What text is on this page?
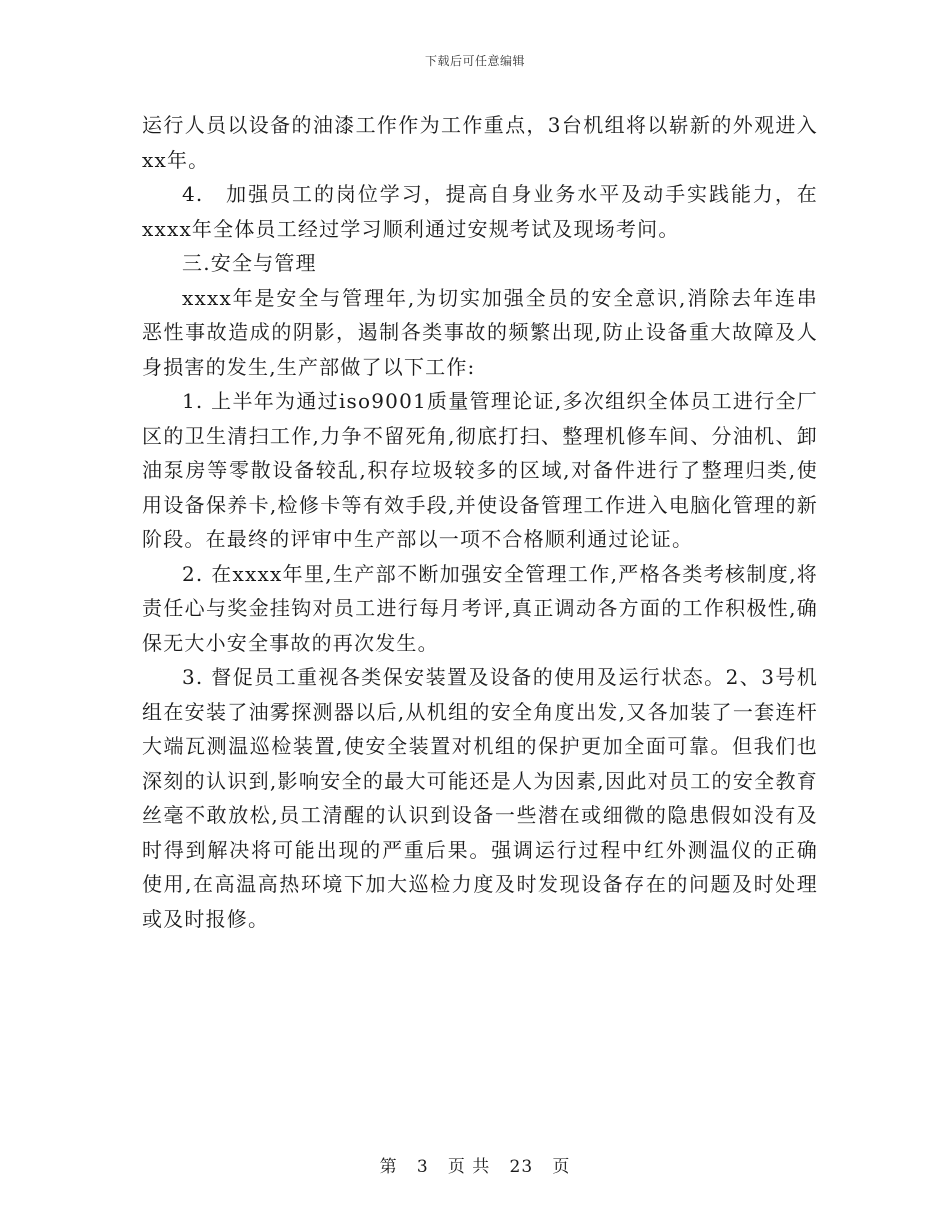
下载后可任意编辑

运行人员以设备的油漆工作作为工作重点，3台机组将以崭新的外观进入xx年。

4.　加强员工的岗位学习，提高自身业务水平及动手实践能力，在xxxx年全体员工经过学习顺利通过安规考试及现场考问。

三.安全与管理

xxxx年是安全与管理年,为切实加强全员的安全意识,消除去年连串恶性事故造成的阴影，遏制各类事故的频繁出现,防止设备重大故障及人身损害的发生,生产部做了以下工作:

1. 上半年为通过iso9001质量管理论证,多次组织全体员工进行全厂区的卫生清扫工作,力争不留死角,彻底打扫、整理机修车间、分油机、卸油泵房等零散设备较乱,积存垃圾较多的区域,对备件进行了整理归类,使用设备保养卡,检修卡等有效手段,并使设备管理工作进入电脑化管理的新阶段。在最终的评审中生产部以一项不合格顺利通过论证。

2. 在xxxx年里,生产部不断加强安全管理工作,严格各类考核制度,将责任心与奖金挂钩对员工进行每月考评,真正调动各方面的工作积极性,确保无大小安全事故的再次发生。

3. 督促员工重视各类保安装置及设备的使用及运行状态。2、3号机组在安装了油雾探测器以后,从机组的安全角度出发,又各加装了一套连杆大端瓦测温巡检装置,使安全装置对机组的保护更加全面可靠。但我们也深刻的认识到,影响安全的最大可能还是人为因素,因此对员工的安全教育丝毫不敢放松,员工清醒的认识到设备一些潜在或细微的隐患假如没有及时得到解决将可能出现的严重后果。强调运行过程中红外测温仪的正确使用,在高温高热环境下加大巡检力度及时发现设备存在的问题及时处理或及时报修。

第 3 页 共 23 页
